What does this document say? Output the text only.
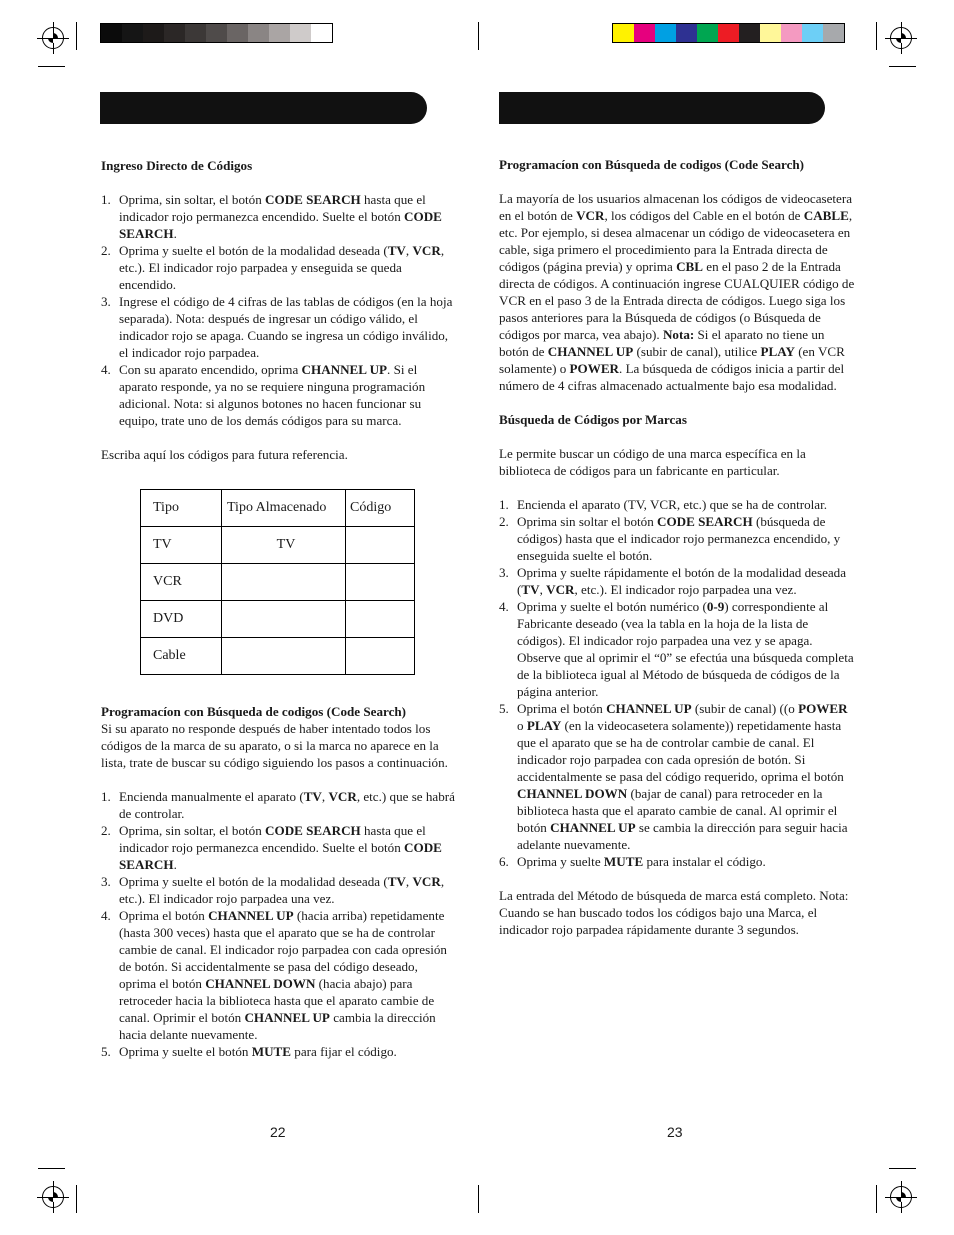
Ingreso Directo de Códigos

1. Oprima, sin soltar, el botón CODE SEARCH hasta que el indicador rojo permanezca encendido. Suelte el botón CODE SEARCH.
2. Oprima y suelte el botón de la modalidad deseada (TV, VCR, etc.). El indicador rojo parpadea y enseguida se queda encendido.
3. Ingrese el código de 4 cifras de las tablas de códigos (en la hoja separada). Nota: después de ingresar un código válido, el indicador rojo se apaga. Cuando se ingresa un código inválido, el indicador rojo parpadea.
4. Con su aparato encendido, oprima CHANNEL UP. Si el aparato responde, ya no se requiere ninguna programación adicional. Nota: si algunos botones no hacen funcionar su equipo, trate uno de los demás códigos para su marca.

Escriba aquí los códigos para futura referencia.

Tipo	Tipo Almacenado	Código
TV	TV	
VCR		
DVD		
Cable		

Programacíon con Búsqueda de codigos (Code Search)

Si su aparato no responde después de haber intentado todos los códigos de la marca de su aparato, o si la marca no aparece en la lista, trate de buscar su código siguiendo los pasos a continuación.

1. Encienda manualmente el aparato (TV, VCR, etc.) que se habrá de controlar.
2. Oprima, sin soltar, el botón CODE SEARCH hasta que el indicador rojo permanezca encendido. Suelte el botón CODE SEARCH.
3. Oprima y suelte el botón de la modalidad deseada (TV, VCR, etc.). El indicador rojo parpadea una vez.
4. Oprima el botón CHANNEL UP (hacia arriba) repetidamente (hasta 300 veces) hasta que el aparato que se ha de controlar cambie de canal. El indicador rojo parpadea con cada opresión de botón. Si accidentalmente se pasa del código deseado, oprima el botón CHANNEL DOWN (hacia abajo) para retroceder hacia la biblioteca hasta que el aparato cambie de canal. Oprimir el botón CHANNEL UP cambia la dirección hacia delante nuevamente.
5. Oprima y suelte el botón MUTE para fijar el código.
22

Programacíon con Búsqueda de codigos (Code Search)

La mayoría de los usuarios almacenan los códigos de videocasetera en el botón de VCR, los códigos del Cable en el botón de CABLE, etc. Por ejemplo, si desea almacenar un código de videocasetera en cable, siga primero el procedimiento para la Entrada directa de códigos (página previa) y oprima CBL en el paso 2 de la Entrada directa de códigos. A continuación ingrese CUALQUIER código de VCR en el paso 3 de la Entrada directa de códigos. Luego siga los pasos anteriores para la Búsqueda de códigos (o Búsqueda de códigos por marca, vea abajo). Nota: Si el aparato no tiene un botón de CHANNEL UP (subir de canal), utilice PLAY (en VCR solamente) o POWER. La búsqueda de códigos inicia a partir del número de 4 cifras almacenado actualmente bajo esa modalidad.

Búsqueda de Códigos por Marcas

Le permite buscar un código de una marca específica en la biblioteca de códigos para un fabricante en particular.

1. Encienda el aparato (TV, VCR, etc.) que se ha de controlar.
2. Oprima sin soltar el botón CODE SEARCH (búsqueda de códigos) hasta que el indicador rojo permanezca encendido, y enseguida suelte el botón.
3. Oprima y suelte rápidamente el botón de la modalidad deseada (TV, VCR, etc.). El indicador rojo parpadea una vez.
4. Oprima y suelte el botón numérico (0-9) correspondiente al Fabricante deseado (vea la tabla en la hoja de la lista de códigos). El indicador rojo parpadea una vez y se apaga. Observe que al oprimir el “0” se efectúa una búsqueda completa de la biblioteca igual al Método de búsqueda de códigos de la página anterior.
5. Oprima el botón CHANNEL UP (subir de canal) ((o POWER o PLAY (en la videocasetera solamente)) repetidamente hasta que el aparato que se ha de controlar cambie de canal. El indicador rojo parpadea con cada opresión de botón. Si accidentalmente se pasa del código requerido, oprima el botón CHANNEL DOWN (bajar de canal) para retroceder en la biblioteca hasta que el aparato cambie de canal. Al oprimir el botón CHANNEL UP se cambia la dirección para seguir hacia adelante nuevamente.
6. Oprima y suelte MUTE para instalar el código.

La entrada del Método de búsqueda de marca está completo. Nota: Cuando se han buscado todos los códigos bajo una Marca, el indicador rojo parpadea rápidamente durante 3 segundos.

23
